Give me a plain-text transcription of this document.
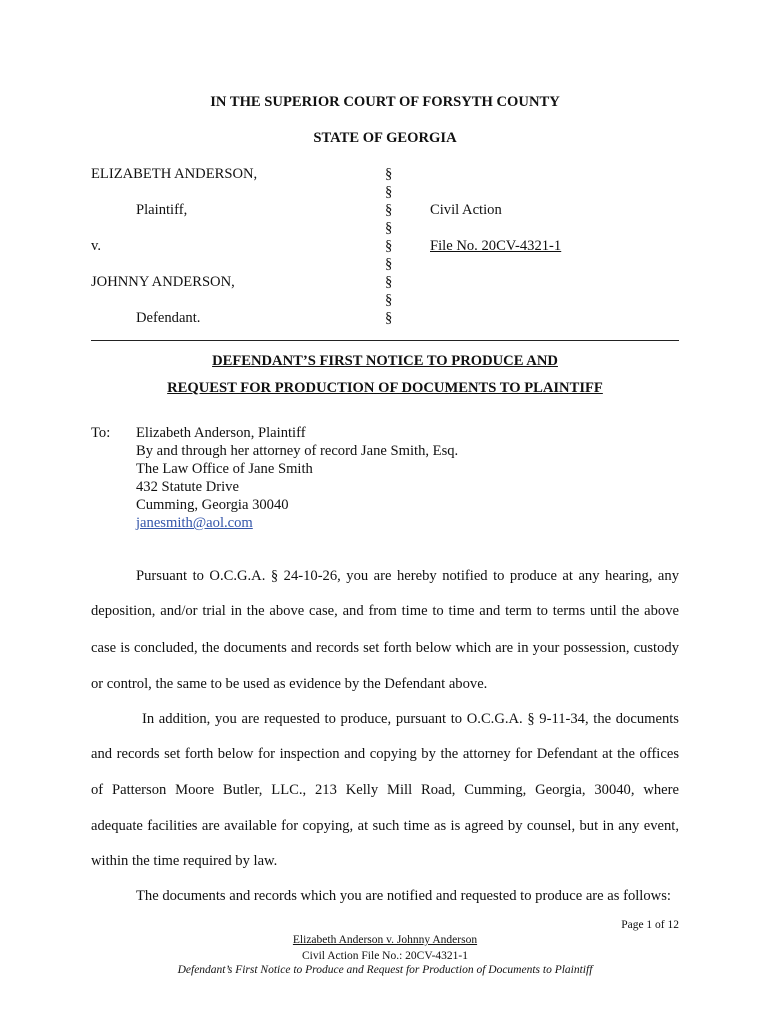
IN THE SUPERIOR COURT OF FORSYTH COUNTY
STATE OF GEORGIA
ELIZABETH ANDERSON,
Plaintiff,
v.
JOHNNY ANDERSON,
Defendant.
§
§
§
§
§
§
§
§
§
Civil Action
File No. 20CV-4321-1
DEFENDANT’S FIRST NOTICE TO PRODUCE AND
REQUEST FOR PRODUCTION OF DOCUMENTS TO PLAINTIFF
To: Elizabeth Anderson, Plaintiff
By and through her attorney of record Jane Smith, Esq.
The Law Office of Jane Smith
432 Statute Drive
Cumming, Georgia 30040
janesmith@aol.com
Pursuant to O.C.G.A. § 24-10-26, you are hereby notified to produce at any hearing, any
deposition, and/or trial in the above case, and from time to time and term to terms until the above
case is concluded, the documents and records set forth below which are in your possession, custody
or control, the same to be used as evidence by the Defendant above.
In addition, you are requested to produce, pursuant to O.C.G.A. § 9-11-34, the documents
and records set forth below for inspection and copying by the attorney for Defendant at the offices
of Patterson Moore Butler, LLC., 213 Kelly Mill Road, Cumming, Georgia, 30040, where
adequate facilities are available for copying, at such time as is agreed by counsel, but in any event,
within the time required by law.
The documents and records which you are notified and requested to produce are as follows:
Page 1 of 12
Elizabeth Anderson v. Johnny Anderson
Civil Action File No.: 20CV-4321-1
Defendant’s First Notice to Produce and Request for Production of Documents to Plaintiff
